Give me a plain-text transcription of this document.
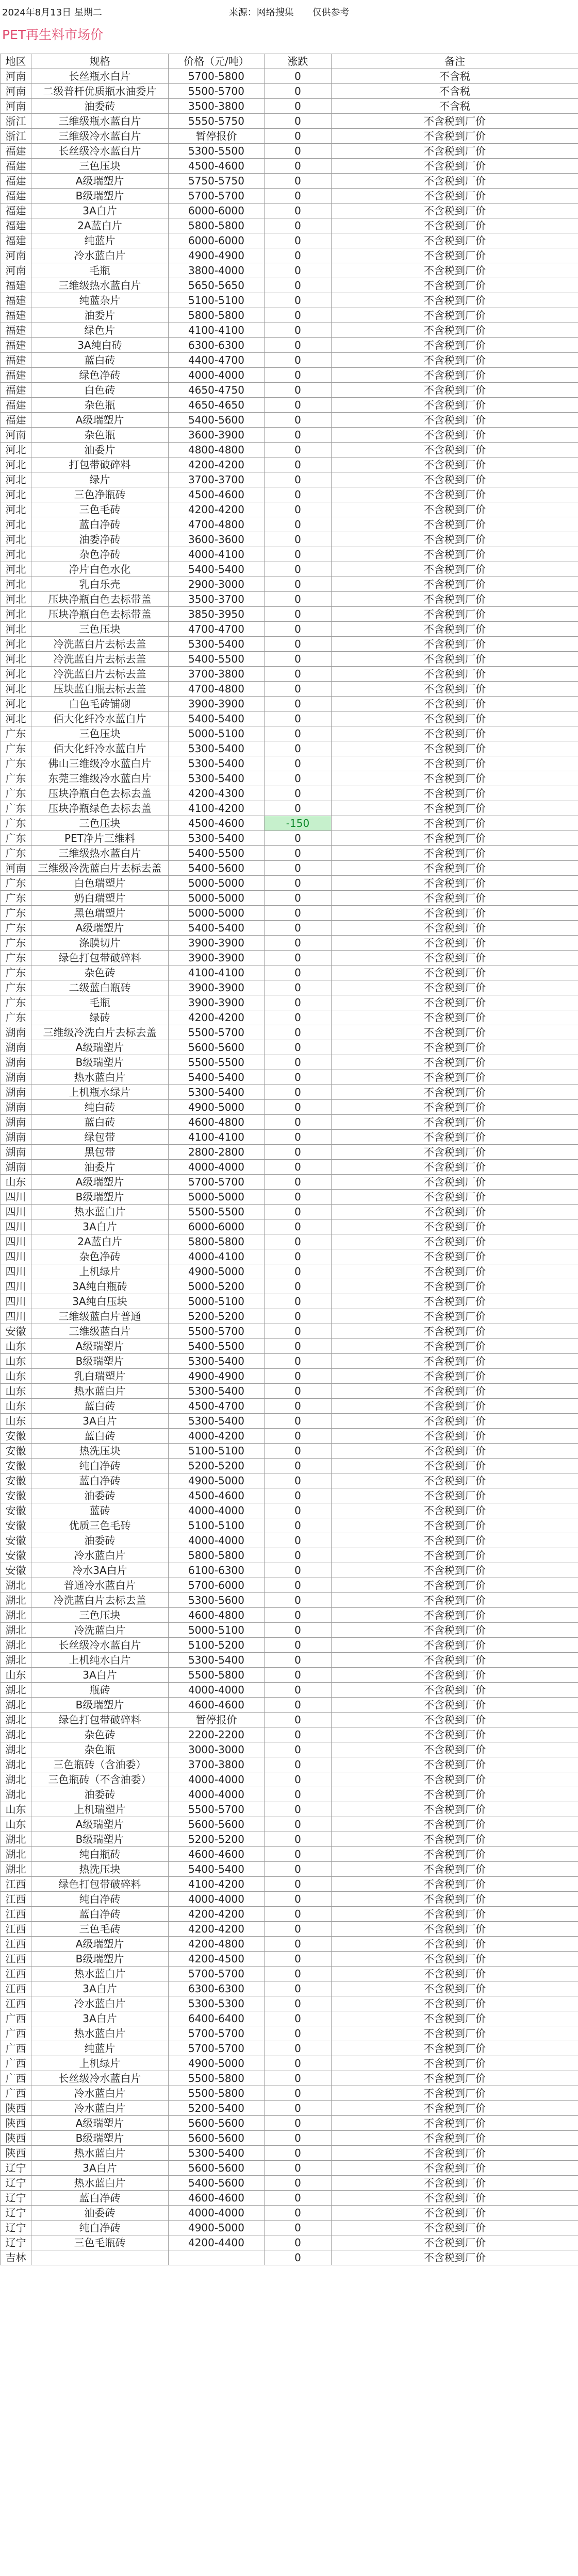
2024年8月13日 星期二	来源：网络搜集 仅供参考
PET再生料市场价
地区	规格	价格（元/吨）	涨跌	备注
河南	长丝瓶水白片	5700-5800	0	不含税
河南	二级普杆优质瓶水油委片	5500-5700	0	不含税
河南	油委砖	3500-3800	0	不含税
浙江	三维级瓶水蓝白片	5550-5750	0	不含税到厂价
浙江	三维级冷水蓝白片	暂停报价	0	不含税到厂价
福建	长丝级冷水蓝白片	5300-5500	0	不含税到厂价
福建	三色压块	4500-4600	0	不含税到厂价
福建	A级瑞塑片	5750-5750	0	不含税到厂价
福建	B级瑞塑片	5700-5700	0	不含税到厂价
福建	3A白片	6000-6000	0	不含税到厂价
福建	2A蓝白片	5800-5800	0	不含税到厂价
福建	纯蓝片	6000-6000	0	不含税到厂价
河南	冷水蓝白片	4900-4900	0	不含税到厂价
河南	毛瓶	3800-4000	0	不含税到厂价
福建	三维级热水蓝白片	5650-5650	0	不含税到厂价
福建	纯蓝杂片	5100-5100	0	不含税到厂价
福建	油委片	5800-5800	0	不含税到厂价
福建	绿色片	4100-4100	0	不含税到厂价
福建	3A纯白砖	6300-6300	0	不含税到厂价
福建	蓝白砖	4400-4700	0	不含税到厂价
福建	绿色净砖	4000-4000	0	不含税到厂价
福建	白色砖	4650-4750	0	不含税到厂价
福建	杂色瓶	4650-4650	0	不含税到厂价
福建	A级瑞塑片	5400-5600	0	不含税到厂价
河南	杂色瓶	3600-3900	0	不含税到厂价
河北	油委片	4800-4800	0	不含税到厂价
河北	打包带破碎料	4200-4200	0	不含税到厂价
河北	绿片	3700-3700	0	不含税到厂价
河北	三色净瓶砖	4500-4600	0	不含税到厂价
河北	三色毛砖	4200-4200	0	不含税到厂价
河北	蓝白净砖	4700-4800	0	不含税到厂价
河北	油委净砖	3600-3600	0	不含税到厂价
河北	杂色净砖	4000-4100	0	不含税到厂价
河北	净片白色水化	5400-5400	0	不含税到厂价
河北	乳白乐壳	2900-3000	0	不含税到厂价
河北	压块净瓶白色去标带盖	3500-3700	0	不含税到厂价
河北	压块净瓶白色去标带盖	3850-3950	0	不含税到厂价
河北	三色压块	4700-4700	0	不含税到厂价
河北	冷洗蓝白片去标去盖	5300-5400	0	不含税到厂价
河北	冷洗蓝白片去标去盖	5400-5500	0	不含税到厂价
河北	冷洗蓝白片去标去盖	3700-3800	0	不含税到厂价
河北	压块蓝白瓶去标去盖	4700-4800	0	不含税到厂价
河北	白色毛砖铺砌	3900-3900	0	不含税到厂价
河北	佰大化纤冷水蓝白片	5400-5400	0	不含税到厂价
广东	三色压块	5000-5100	0	不含税到厂价
广东	佰大化纤冷水蓝白片	5300-5400	0	不含税到厂价
广东	佛山三维级冷水蓝白片	5300-5400	0	不含税到厂价
广东	东莞三维级冷水蓝白片	5300-5400	0	不含税到厂价
广东	压块净瓶白色去标去盖	4200-4300	0	不含税到厂价
广东	压块净瓶绿色去标去盖	4100-4200	0	不含税到厂价
广东	三色压块	4500-4600	-150	不含税到厂价
广东	PET净片三维料	5300-5400	0	不含税到厂价
广东	三维级热水蓝白片	5400-5500	0	不含税到厂价
河南	三维级冷洗蓝白片去标去盖	5400-5600	0	不含税到厂价
广东	白色瑞塑片	5000-5000	0	不含税到厂价
广东	奶白瑞塑片	5000-5000	0	不含税到厂价
广东	黑色瑞塑片	5000-5000	0	不含税到厂价
广东	A级瑞塑片	5400-5400	0	不含税到厂价
广东	涤膜切片	3900-3900	0	不含税到厂价
广东	绿色打包带破碎料	3900-3900	0	不含税到厂价
广东	杂色砖	4100-4100	0	不含税到厂价
广东	二级蓝白瓶砖	3900-3900	0	不含税到厂价
广东	毛瓶	3900-3900	0	不含税到厂价
广东	绿砖	4200-4200	0	不含税到厂价
湖南	三维级冷洗白片去标去盖	5500-5700	0	不含税到厂价
湖南	A级瑞塑片	5600-5600	0	不含税到厂价
湖南	B级瑞塑片	5500-5500	0	不含税到厂价
湖南	热水蓝白片	5400-5400	0	不含税到厂价
湖南	上机瓶水绿片	5300-5400	0	不含税到厂价
湖南	纯白砖	4900-5000	0	不含税到厂价
湖南	蓝白砖	4600-4800	0	不含税到厂价
湖南	绿包带	4100-4100	0	不含税到厂价
湖南	黑包带	2800-2800	0	不含税到厂价
湖南	油委片	4000-4000	0	不含税到厂价
山东	A级瑞塑片	5700-5700	0	不含税到厂价
四川	B级瑞塑片	5000-5000	0	不含税到厂价
四川	热水蓝白片	5500-5500	0	不含税到厂价
四川	3A白片	6000-6000	0	不含税到厂价
四川	2A蓝白片	5800-5800	0	不含税到厂价
四川	杂色净砖	4000-4100	0	不含税到厂价
四川	上机绿片	4900-5000	0	不含税到厂价
四川	3A纯白瓶砖	5000-5200	0	不含税到厂价
四川	3A纯白压块	5000-5100	0	不含税到厂价
四川	三维级蓝白片普通	5200-5200	0	不含税到厂价
安徽	三维级蓝白片	5500-5700	0	不含税到厂价
山东	A级瑞塑片	5400-5500	0	不含税到厂价
山东	B级瑞塑片	5300-5400	0	不含税到厂价
山东	乳白瑞塑片	4900-4900	0	不含税到厂价
山东	热水蓝白片	5300-5400	0	不含税到厂价
山东	蓝白砖	4500-4700	0	不含税到厂价
山东	3A白片	5300-5400	0	不含税到厂价
安徽	蓝白砖	4000-4200	0	不含税到厂价
安徽	热洗压块	5100-5100	0	不含税到厂价
安徽	纯白净砖	5200-5200	0	不含税到厂价
安徽	蓝白净砖	4900-5000	0	不含税到厂价
安徽	油委砖	4500-4600	0	不含税到厂价
安徽	蓝砖	4000-4000	0	不含税到厂价
安徽	优质三色毛砖	5100-5100	0	不含税到厂价
安徽	油委砖	4000-4000	0	不含税到厂价
安徽	冷水蓝白片	5800-5800	0	不含税到厂价
安徽	冷水3A白片	6100-6300	0	不含税到厂价
湖北	普通冷水蓝白片	5700-6000	0	不含税到厂价
湖北	冷洗蓝白片去标去盖	5300-5600	0	不含税到厂价
湖北	三色压块	4600-4800	0	不含税到厂价
湖北	冷洗蓝白片	5000-5100	0	不含税到厂价
湖北	长丝级冷水蓝白片	5100-5200	0	不含税到厂价
湖北	上机纯水白片	5300-5400	0	不含税到厂价
山东	3A白片	5500-5800	0	不含税到厂价
湖北	瓶砖	4000-4000	0	不含税到厂价
湖北	B级瑞塑片	4600-4600	0	不含税到厂价
湖北	绿色打包带破碎料	暂停报价	0	不含税到厂价
湖北	杂色砖	2200-2200	0	不含税到厂价
湖北	杂色瓶	3000-3000	0	不含税到厂价
湖北	三色瓶砖（含油委）	3700-3800	0	不含税到厂价
湖北	三色瓶砖（不含油委）	4000-4000	0	不含税到厂价
湖北	油委砖	4000-4000	0	不含税到厂价
山东	上机瑞塑片	5500-5700	0	不含税到厂价
山东	A级瑞塑片	5600-5600	0	不含税到厂价
湖北	B级瑞塑片	5200-5200	0	不含税到厂价
湖北	纯白瓶砖	4600-4600	0	不含税到厂价
湖北	热洗压块	5400-5400	0	不含税到厂价
江西	绿色打包带破碎料	4100-4200	0	不含税到厂价
江西	纯白净砖	4000-4000	0	不含税到厂价
江西	蓝白净砖	4200-4200	0	不含税到厂价
江西	三色毛砖	4200-4200	0	不含税到厂价
江西	A级瑞塑片	4200-4800	0	不含税到厂价
江西	B级瑞塑片	4200-4500	0	不含税到厂价
江西	热水蓝白片	5700-5700	0	不含税到厂价
江西	3A白片	6300-6300	0	不含税到厂价
江西	冷水蓝白片	5300-5300	0	不含税到厂价
广西	3A白片	6400-6400	0	不含税到厂价
广西	热水蓝白片	5700-5700	0	不含税到厂价
广西	纯蓝片	5700-5700	0	不含税到厂价
广西	上机绿片	4900-5000	0	不含税到厂价
广西	长丝级冷水蓝白片	5500-5800	0	不含税到厂价
广西	冷水蓝白片	5500-5800	0	不含税到厂价
陕西	冷水蓝白片	5200-5400	0	不含税到厂价
陕西	A级瑞塑片	5600-5600	0	不含税到厂价
陕西	B级瑞塑片	5600-5600	0	不含税到厂价
陕西	热水蓝白片	5300-5400	0	不含税到厂价
辽宁	3A白片	5600-5600	0	不含税到厂价
辽宁	热水蓝白片	5400-5600	0	不含税到厂价
辽宁	蓝白净砖	4600-4600	0	不含税到厂价
辽宁	油委砖	4000-4000	0	不含税到厂价
辽宁	纯白净砖	4900-5000	0	不含税到厂价
辽宁	三色毛瓶砖	4200-4400	0	不含税到厂价
吉林			0	不含税到厂价
